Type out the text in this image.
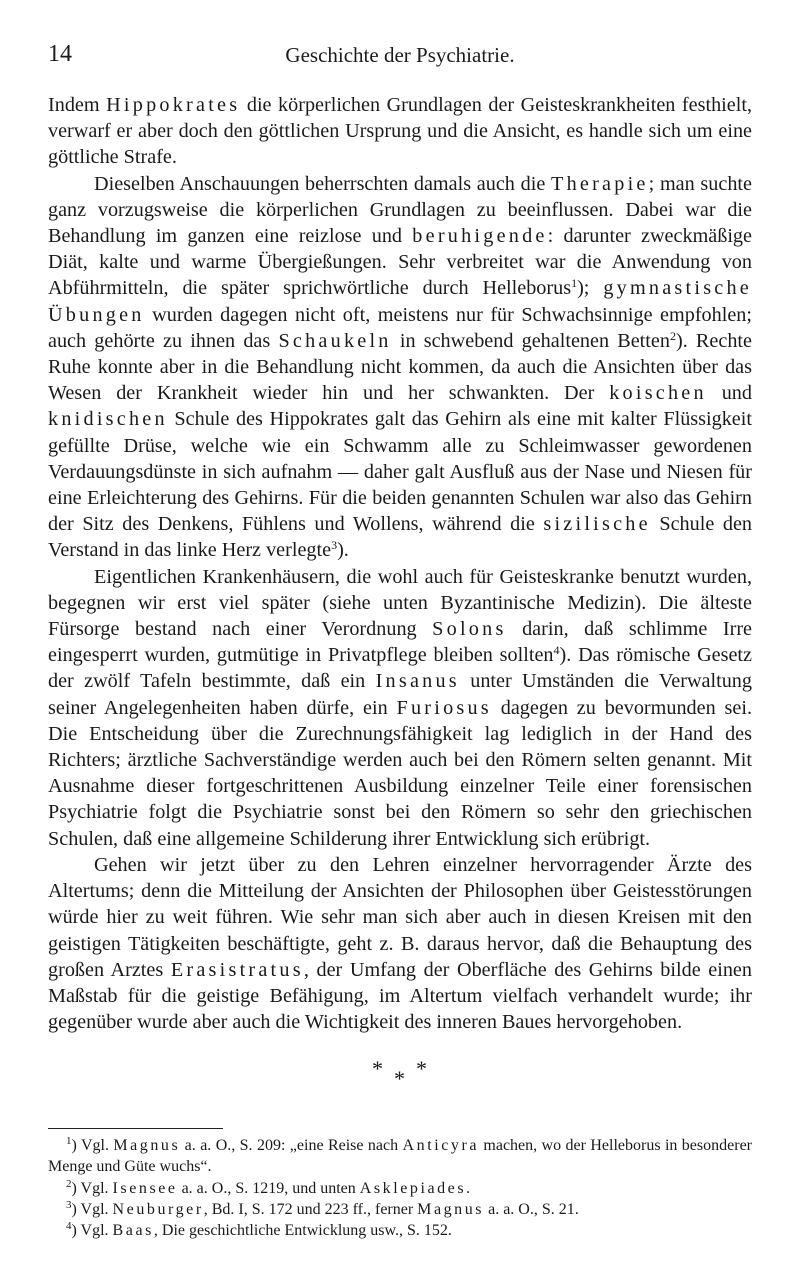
14	Geschichte der Psychiatrie.

Indem Hippokrates die körperlichen Grundlagen der Geisteskrankheiten festhielt, verwarf er aber doch den göttlichen Ursprung und die Ansicht, es handle sich um eine göttliche Strafe.

Dieselben Anschauungen beherrschten damals auch die Therapie; man suchte ganz vorzugsweise die körperlichen Grundlagen zu beeinflussen. Dabei war die Behandlung im ganzen eine reizlose und beruhigende: darunter zweckmäßige Diät, kalte und warme Übergießungen. Sehr verbreitet war die Anwendung von Abführmitteln, die später sprichwörtliche durch Helleborus$^1$); gymnastische Übungen wurden dagegen nicht oft, meistens nur für Schwachsinnige empfohlen; auch gehörte zu ihnen das Schaukeln in schwebend gehaltenen Betten$^2$). Rechte Ruhe konnte aber in die Behandlung nicht kommen, da auch die Ansichten über das Wesen der Krankheit wieder hin und her schwankten. Der koischen und knidischen Schule des Hippokrates galt das Gehirn als eine mit kalter Flüssigkeit gefüllte Drüse, welche wie ein Schwamm alle zu Schleimwasser gewordenen Verdauungsdünste in sich aufnahm — daher galt Ausfluß aus der Nase und Niesen für eine Erleichterung des Gehirns. Für die beiden genannten Schulen war also das Gehirn der Sitz des Denkens, Fühlens und Wollens, während die sizilische Schule den Verstand in das linke Herz verlegte$^3$).

Eigentlichen Krankenhäusern, die wohl auch für Geisteskranke benutzt wurden, begegnen wir erst viel später (siehe unten Byzantinische Medizin). Die älteste Fürsorge bestand nach einer Verordnung Solons darin, daß schlimme Irre eingesperrt wurden, gutmütige in Privatpflege bleiben sollten$^4$). Das römische Gesetz der zwölf Tafeln bestimmte, daß ein Insanus unter Umständen die Verwaltung seiner Angelegenheiten haben dürfe, ein Furiosus dagegen zu bevormunden sei. Die Entscheidung über die Zurechnungsfähigkeit lag lediglich in der Hand des Richters; ärztliche Sachverständige werden auch bei den Römern selten genannt. Mit Ausnahme dieser fortgeschrittenen Ausbildung einzelner Teile einer forensischen Psychiatrie folgt die Psychiatrie sonst bei den Römern so sehr den griechischen Schulen, daß eine allgemeine Schilderung ihrer Entwicklung sich erübrigt.

Gehen wir jetzt über zu den Lehren einzelner hervorragender Ärzte des Altertums; denn die Mitteilung der Ansichten der Philosophen über Geistesstörungen würde hier zu weit führen. Wie sehr man sich aber auch in diesen Kreisen mit den geistigen Tätigkeiten beschäftigte, geht z. B. daraus hervor, daß die Behauptung des großen Arztes Erasistratus, der Umfang der Oberfläche des Gehirns bilde einen Maßstab für die geistige Befähigung, im Altertum vielfach verhandelt wurde; ihr gegenüber wurde aber auch die Wichtigkeit des inneren Baues hervorgehoben.

* * *

$^1$) Vgl. Magnus a. a. O., S. 209: „eine Reise nach Anticyra machen, wo der Helleborus in besonderer Menge und Güte wuchs“.

$^2$) Vgl. Isensee a. a. O., S. 1219, und unten Asklepiades.

$^3$) Vgl. Neuburger, Bd. I, S. 172 und 223 ff., ferner Magnus a. a. O., S. 21.

$^4$) Vgl. Baas, Die geschichtliche Entwicklung usw., S. 152.
